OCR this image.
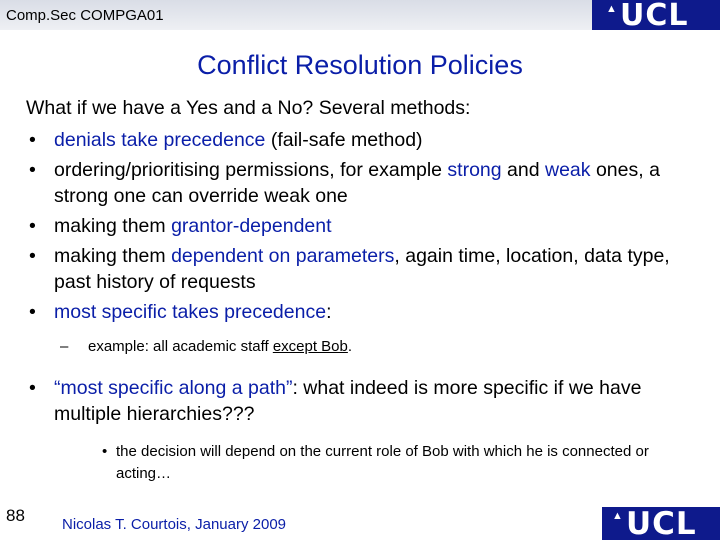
Comp.Sec COMPGA01	▲ UCL
Conflict Resolution Policies
What if we have a Yes and a No? Several methods:
• denials take precedence (fail-safe method)
• ordering/prioritising permissions, for example strong and weak ones, a strong one can override weak one
• making them grantor-dependent
• making them dependent on parameters, again time, location, data type, past history of requests
• most specific takes precedence:
– example: all academic staff except Bob.
• “most specific along a path”: what indeed is more specific if we have multiple hierarchies???
• the decision will depend on the current role of Bob with which he is connected or acting…
88 Nicolas T. Courtois, January 2009	▲ UCL
